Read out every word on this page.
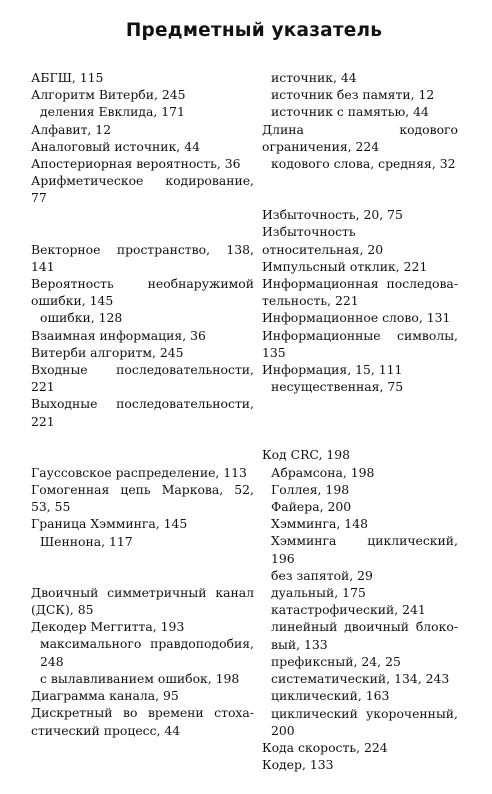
Предметный указатель
АБГШ, 115
Алгоритм Витерби, 245
деления Евклида, 171
Алфавит, 12
Аналоговый источник, 44
Апостериорная вероятность, 36
Арифметическое кодирование, 77
Векторное пространство, 138, 141
Вероятность необнаружимой ошибки, 145
ошибки, 128
Взаимная информация, 36
Витерби алгоритм, 245
Входные последовательности, 221
Выходные последовательности, 221
Гауссовское распределение, 113
Гомогенная цепь Маркова, 52, 53, 55
Граница Хэмминга, 145
Шеннона, 117
Двоичный симметричный канал (ДСК), 85
Декодер Меггитта, 193
максимального правдоподобия, 248
с вылавливанием ошибок, 198
Диаграмма канала, 95
Дискретный во времени стохастический процесс, 44
источник, 44
источник без памяти, 12
источник с памятью, 44
Длина кодового ограничения, 224
кодового слова, средняя, 32
Избыточность, 20, 75
Избыточность относительная, 20
Импульсный отклик, 221
Информационная последовательность, 221
Информационное слово, 131
Информационные символы, 135
Информация, 15, 111
несущественная, 75
Код CRC, 198
Абрамсона, 198
Голлея, 198
Файера, 200
Хэмминга, 148
Хэмминга циклический, 196
без запятой, 29
дуальный, 175
катастрофический, 241
линейный двоичный блоковый, 133
префиксный, 24, 25
систематический, 134, 243
циклический, 163
циклический укороченный, 200
Кода скорость, 224
Кодер, 133
